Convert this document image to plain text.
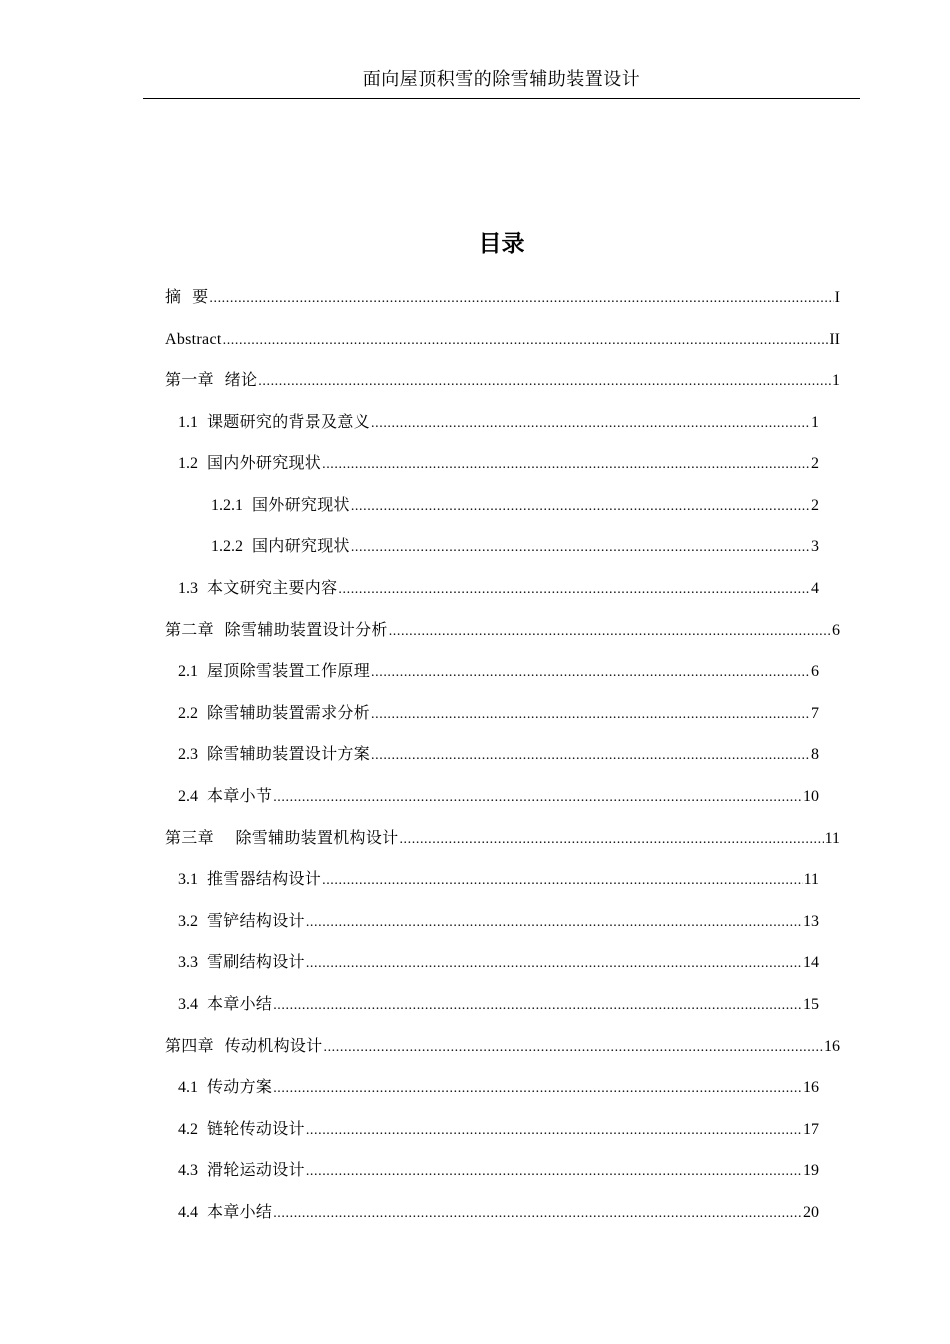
面向屋顶积雪的除雪辅助装置设计
目录
摘  要 .....	I
Abstract .....	II
第一章  绪论 .....	1
1.1 课题研究的背景及意义 .....	1
1.2 国内外研究现状 .....	2
1.2.1 国外研究现状 .....	2
1.2.2 国内研究现状 .....	3
1.3 本文研究主要内容 .....	4
第二章  除雪辅助装置设计分析 .....	6
2.1 屋顶除雪装置工作原理 .....	6
2.2 除雪辅助装置需求分析 .....	7
2.3 除雪辅助装置设计方案 .....	8
2.4 本章小节 .....	10
第三章    除雪辅助装置机构设计 .....	11
3.1 推雪器结构设计 .....	11
3.2 雪铲结构设计 .....	13
3.3 雪刷结构设计 .....	14
3.4 本章小结 .....	15
第四章  传动机构设计 .....	16
4.1 传动方案 .....	16
4.2 链轮传动设计 .....	17
4.3 滑轮运动设计 .....	19
4.4 本章小结 .....	20
